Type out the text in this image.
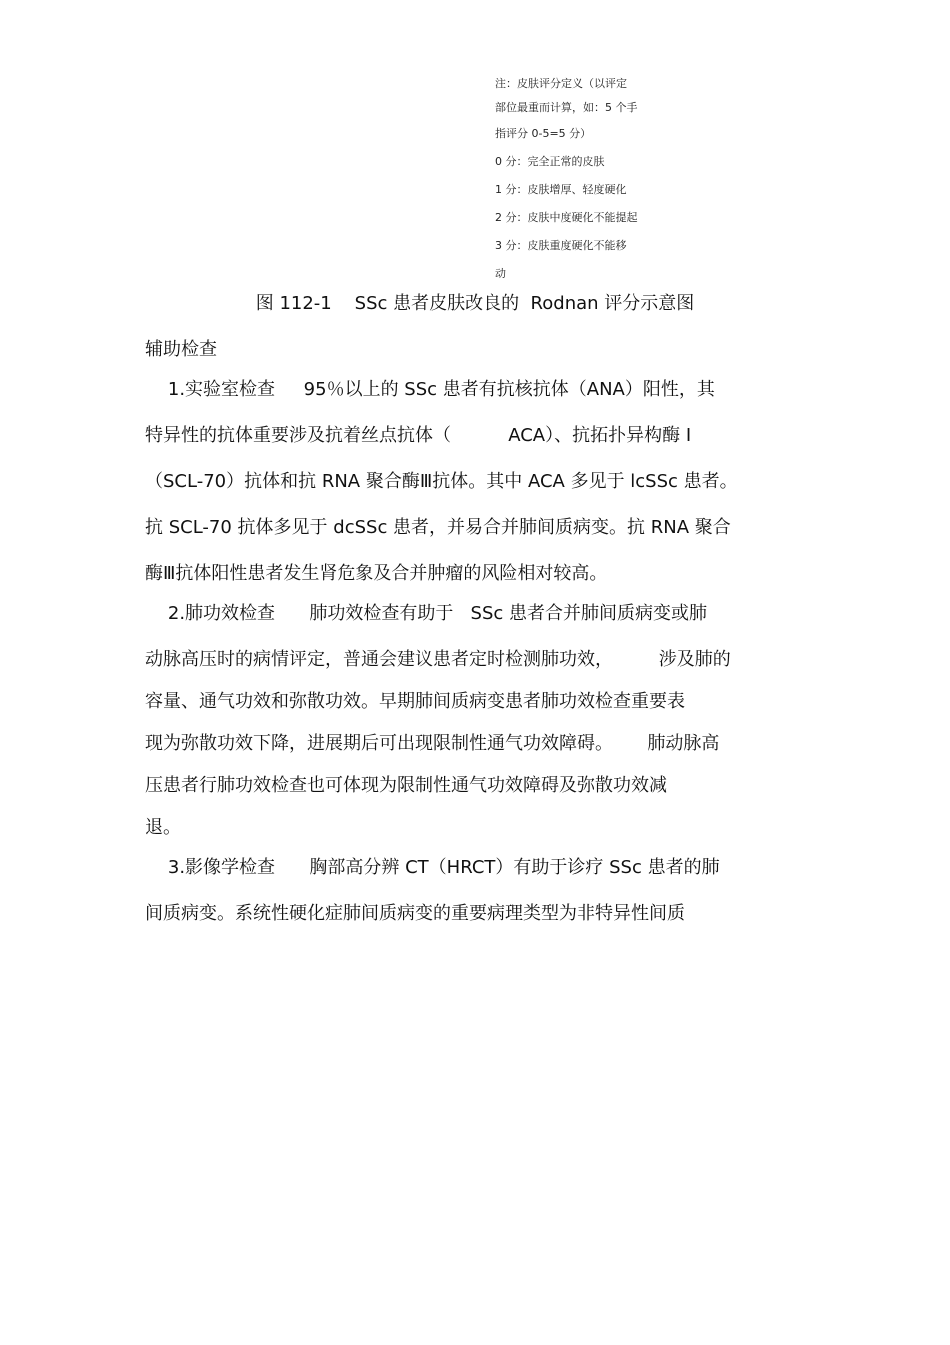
注：皮肤评分定义（以评定
部位最重而计算，如：5 个手
指评分 0-5=5 分）
0 分：完全正常的皮肤
1 分：皮肤增厚、轻度硬化
2 分：皮肤中度硬化不能提起
3 分：皮肤重度硬化不能移
动
图 112-1    SSc 患者皮肤改良的  Rodnan 评分示意图
辅助检查
1.实验室检查     95％以上的 SSc 患者有抗核抗体（ANA）阳性，其
特异性的抗体重要涉及抗着丝点抗体（          ACA）、抗拓扑异构酶 I
（SCL-70）抗体和抗 RNA 聚合酶Ⅲ抗体。其中 ACA 多见于 lcSSc 患者。
抗 SCL-70 抗体多见于 dcSSc 患者，并易合并肺间质病变。抗 RNA 聚合
酶Ⅲ抗体阳性患者发生肾危象及合并肿瘤的风险相对较高。
2.肺功效检查      肺功效检查有助于   SSc 患者合并肺间质病变或肺
动脉高压时的病情评定，普通会建议患者定时检测肺功效，        涉及肺的
容量、通气功效和弥散功效。早期肺间质病变患者肺功效检查重要表
现为弥散功效下降，进展期后可出现限制性通气功效障碍。      肺动脉高
压患者行肺功效检查也可体现为限制性通气功效障碍及弥散功效减
退。
3.影像学检查      胸部高分辨 CT（HRCT）有助于诊疗 SSc 患者的肺
间质病变。系统性硬化症肺间质病变的重要病理类型为非特异性间质
